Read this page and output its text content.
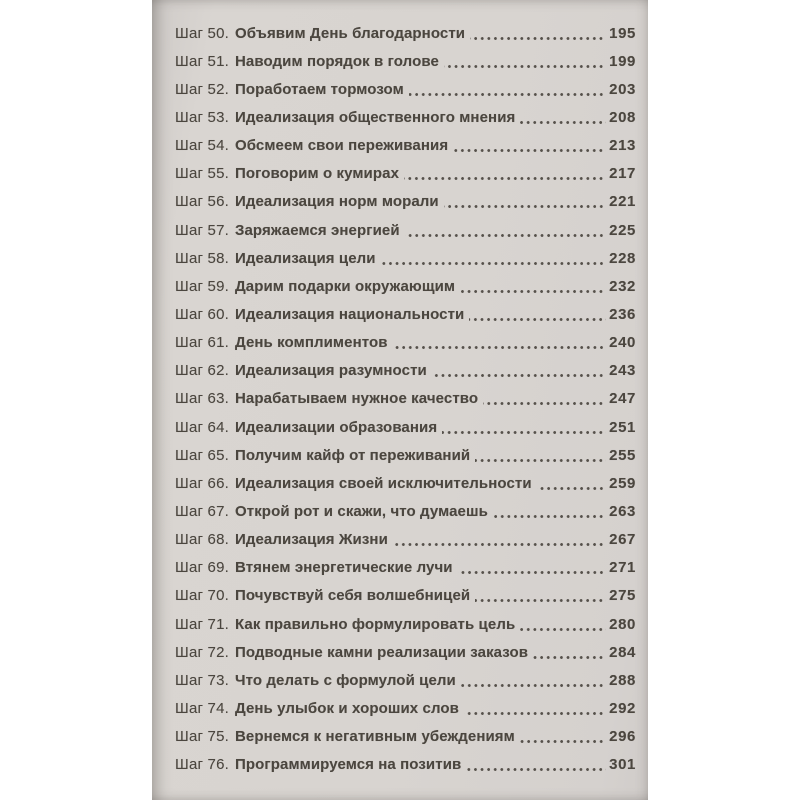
Шаг 50. Объявим День благодарности	195
Шаг 51. Наводим порядок в голове	199
Шаг 52. Поработаем тормозом	203
Шаг 53. Идеализация общественного мнения	208
Шаг 54. Обсмеем свои переживания	213
Шаг 55. Поговорим о кумирах	217
Шаг 56. Идеализация норм морали	221
Шаг 57. Заряжаемся энергией	225
Шаг 58. Идеализация цели	228
Шаг 59. Дарим подарки окружающим	232
Шаг 60. Идеализация национальности	236
Шаг 61. День комплиментов	240
Шаг 62. Идеализация разумности	243
Шаг 63. Нарабатываем нужное качество	247
Шаг 64. Идеализации образования	251
Шаг 65. Получим кайф от переживаний	255
Шаг 66. Идеализация своей исключительности	259
Шаг 67. Открой рот и скажи, что думаешь	263
Шаг 68. Идеализация Жизни	267
Шаг 69. Втянем энергетические лучи	271
Шаг 70. Почувствуй себя волшебницей	275
Шаг 71. Как правильно формулировать цель	280
Шаг 72. Подводные камни реализации заказов	284
Шаг 73. Что делать с формулой цели	288
Шаг 74. День улыбок и хороших слов	292
Шаг 75. Вернемся к негативным убеждениям	296
Шаг 76. Программируемся на позитив	301
